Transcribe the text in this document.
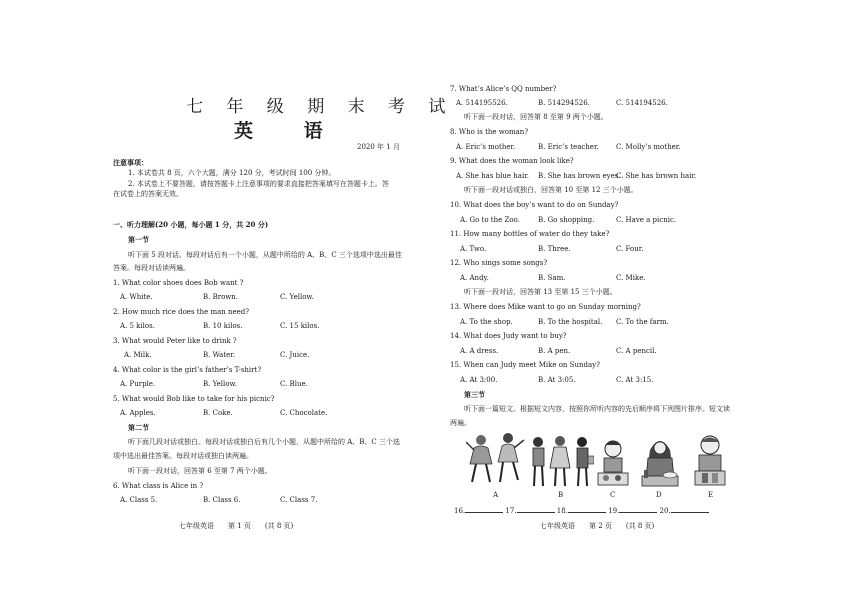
七 年 级 期 末 考 试
英 语
2020 年 1 月
注意事项：
1. 本试卷共 8 页，六个大题，满分 120 分，考试时间 100 分钟。
2. 本试卷上不要答题，请按答题卡上注意事项的要求直接把答案填写在答题卡上。答
在试卷上的答案无效。
一、听力理解(20 小题，每小题 1 分，共 20 分)
第一节
听下面 5 段对话。每段对话后有一个小题，从题中所给的 A、B、C 三个选项中选出最佳
答案。每段对话读两遍。
1. What color shoes does Bob want ?
A. White.	B. Brown.	C. Yellow.
2. How much rice does the man need?
A. 5 kilos.	B. 10 kilos.	C. 15 kilos.
3. What would Peter like to drink ?
A. Milk.	B. Water.	C. Juice.
4. What color is the girl’s father’s T-shirt?
A. Purple.	B. Yellow.	C. Blue.
5. What would Bob like to take for his picnic?
A. Apples.	B. Coke.	C. Chocolate.
第二节
听下面几段对话或独白。每段对话或独白后有几个小题，从题中所给的 A、B、C 三个选
项中选出最佳答案。每段对话或独白读两遍。
听下面一段对话，回答第 6 至第 7 两个小题。
6. What class is Alice in ?
A. Class 5.	B. Class 6.	C. Class 7.
七年级英语　　第 1 页　　(共 8 页)
7. What’s Alice’s QQ number?
A. 514195526.	B. 514294526.	C. 514194526.
听下面一段对话，回答第 8 至第 9 两个小题。
8. Who is the woman?
A. Eric’s mother.	B. Eric’s teacher. C. Molly’s mother.
9. What does the woman look like?
A. She has blue hair. B. She has brown eyes.
C. She has brown hair.
听下面一段对话或独白，回答第 10 至第 12 三个小题。
10. What does the boy’s want to do on Sunday?
A. Go to the Zoo.	B. Go shopping.	C. Have a picnic.
11. How many bottles of water do they take?
A. Two.	B. Three.	C. Four.
12. Who sings some songs?
A. Andy.	B. Sam.	C. Mike.
听下面一段对话，回答第 13 至第 15 三个小题。
13. Where does Mike want to go on Sunday morning?
A. To the shop.	B. To the hospital. C. To the farm.
14. What does Judy want to buy?
A. A dress.	B. A pen.	C. A pencil.
15. When can Judy meet Mike on Sunday?
A. At 3:00.	B. At 3:05.	C. At 3:15.
第三节
听下面一篇短文。根据短文内容，按照你所听内容的先后顺序将下列图片排序。短文读
两遍。
A	B	C	D	E
16.	17.	18.	19.	20.
七年级英语　　第 2 页　　(共 8 页)
